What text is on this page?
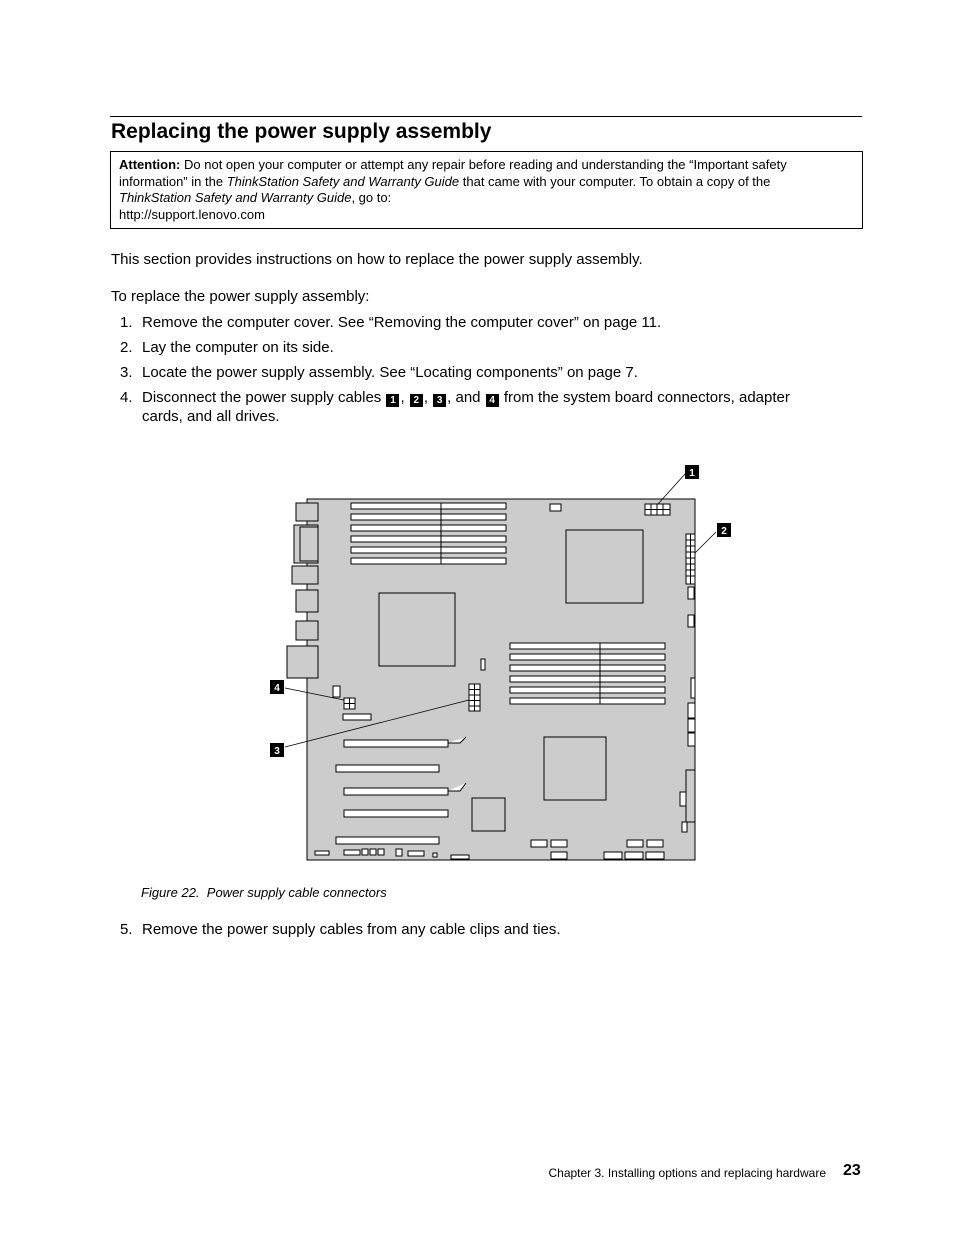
Replacing the power supply assembly
Attention: Do not open your computer or attempt any repair before reading and understanding the “Important safety information” in the ThinkStation Safety and Warranty Guide that came with your computer. To obtain a copy of the
ThinkStation Safety and Warranty Guide, go to:
http://support.lenovo.com

This section provides instructions on how to replace the power supply assembly.

To replace the power supply assembly:

1. Remove the computer cover. See “Removing the computer cover” on page 11.
2. Lay the computer on its side.
3. Locate the power supply assembly. See “Locating components” on page 7.
4. Disconnect the power supply cables 1 , 2 , 3 , and 4 from the system board connectors, adapter
cards, and all drives.
1
2
3
4
Figure 22. Power supply cable connectors
5. Remove the power supply cables from any cable clips and ties.
Chapter 3. Installing options and replacing hardware 23
